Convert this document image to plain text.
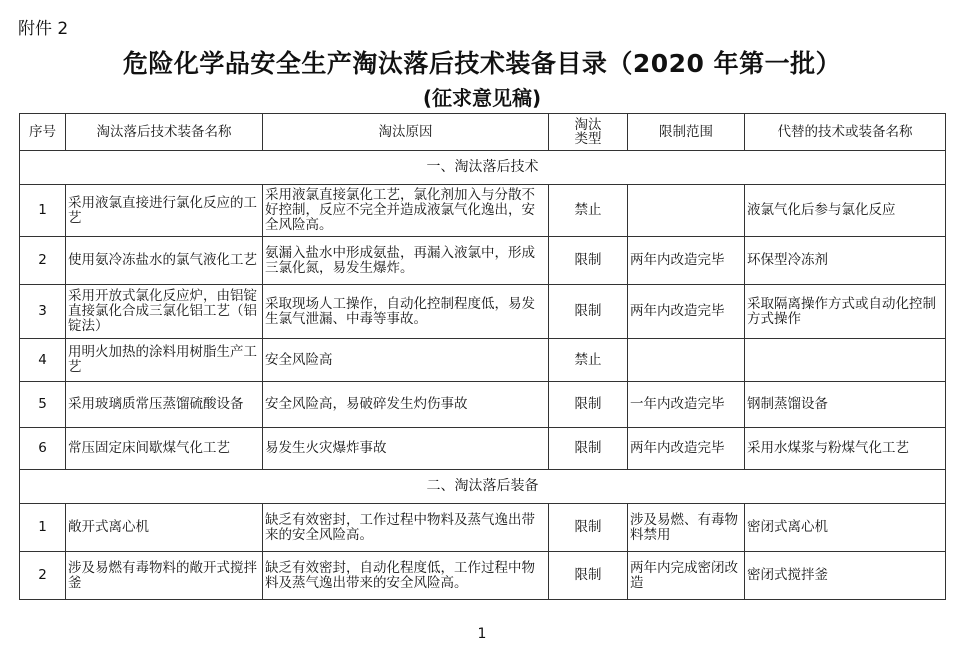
附件 2
危险化学品安全生产淘汰落后技术装备目录（2020 年第一批）
(征求意见稿)
序号	淘汰落后技术装备名称	淘汰原因	淘汰类型	限制范围	代替的技术或装备名称
一、淘汰落后技术					
1	采用液氯直接进行氯化反应的工艺	采用液氯直接氯化工艺，氯化剂加入与分散不好控制，反应不完全并造成液氯气化逸出，安全风险高。	禁止		液氯气化后参与氯化反应
2	使用氨冷冻盐水的氯气液化工艺	氨漏入盐水中形成氨盐，再漏入液氯中，形成三氯化氮，易发生爆炸。	限制	两年内改造完毕	环保型冷冻剂
3	采用开放式氯化反应炉，由铝锭直接氯化合成三氯化铝工艺（铝锭法）	采取现场人工操作，自动化控制程度低，易发生氯气泄漏、中毒等事故。	限制	两年内改造完毕	采取隔离操作方式或自动化控制方式操作
4	用明火加热的涂料用树脂生产工艺	安全风险高	禁止		
5	采用玻璃质常压蒸馏硫酸设备	安全风险高，易破碎发生灼伤事故	限制	一年内改造完毕	钢制蒸馏设备
6	常压固定床间歇煤气化工艺	易发生火灾爆炸事故	限制	两年内改造完毕	采用水煤浆与粉煤气化工艺
二、淘汰落后装备					
1	敞开式离心机	缺乏有效密封，工作过程中物料及蒸气逸出带来的安全风险高。	限制	涉及易燃、有毒物料禁用	密闭式离心机
2	涉及易燃有毒物料的敞开式搅拌釜	缺乏有效密封，自动化程度低，工作过程中物料及蒸气逸出带来的安全风险高。	限制	两年内完成密闭改造	密闭式搅拌釜
1
